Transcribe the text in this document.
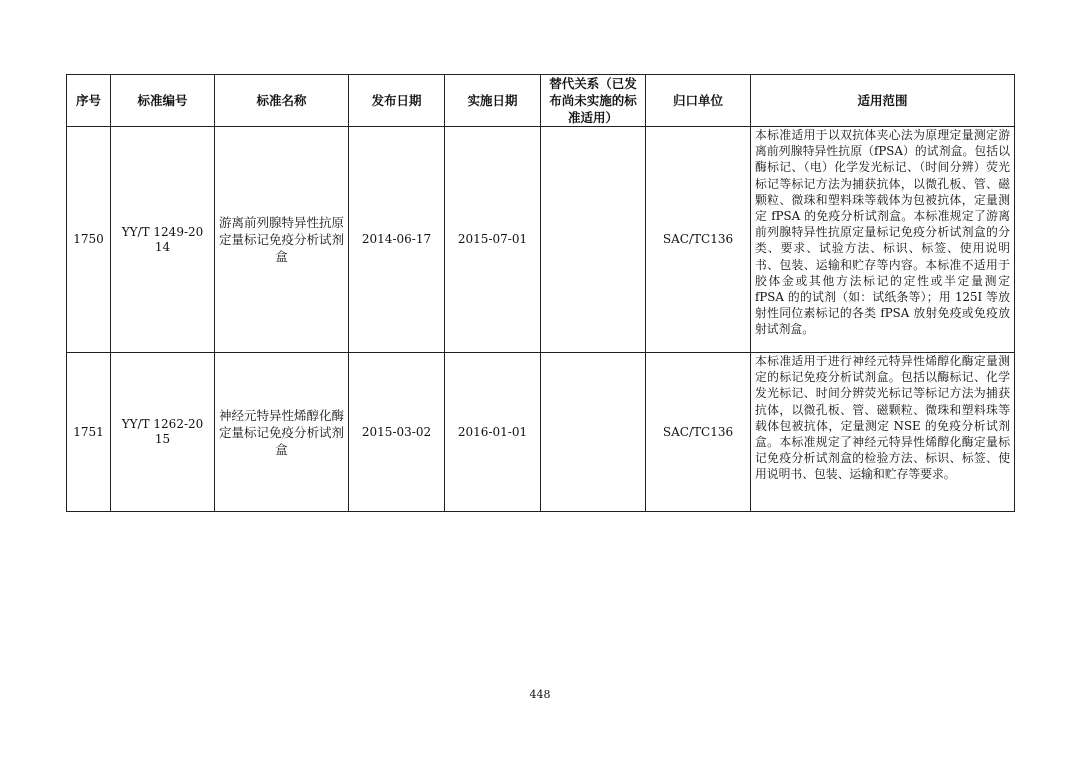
序号	标准编号	标准名称	发布日期	实施日期	替代关系（已发布尚未实施的标准适用）	归口单位	适用范围
1750	YY/T 1249-2014	游离前列腺特异性抗原定量标记免疫分析试剂盒	2014-06-17	2015-07-01		SAC/TC136	本标准适用于以双抗体夹心法为原理定量测定游离前列腺特异性抗原（fPSA）的试剂盒。包括以酶标记、（电）化学发光标记、（时间分辨）荧光标记等标记方法为捕获抗体，以微孔板、管、磁颗粒、微珠和塑料珠等载体为包被抗体，定量测定 fPSA 的免疫分析试剂盒。本标准规定了游离前列腺特异性抗原定量标记免疫分析试剂盒的分类、要求、试验方法、标识、标签、使用说明书、包装、运输和贮存等内容。本标准不适用于胶体金或其他方法标记的定性或半定量测定 fPSA 的的试剂（如：试纸条等）；用 125I 等放射性同位素标记的各类 fPSA 放射免疫或免疫放射试剂盒。
1751	YY/T 1262-2015	神经元特异性烯醇化酶定量标记免疫分析试剂盒	2015-03-02	2016-01-01		SAC/TC136	本标准适用于进行神经元特异性烯醇化酶定量测定的标记免疫分析试剂盒。包括以酶标记、化学发光标记、时间分辨荧光标记等标记方法为捕获抗体，以微孔板、管、磁颗粒、微珠和塑料珠等载体包被抗体，定量测定 NSE 的免疫分析试剂盒。本标准规定了神经元特异性烯醇化酶定量标记免疫分析试剂盒的检验方法、标识、标签、使用说明书、包装、运输和贮存等要求。
448
